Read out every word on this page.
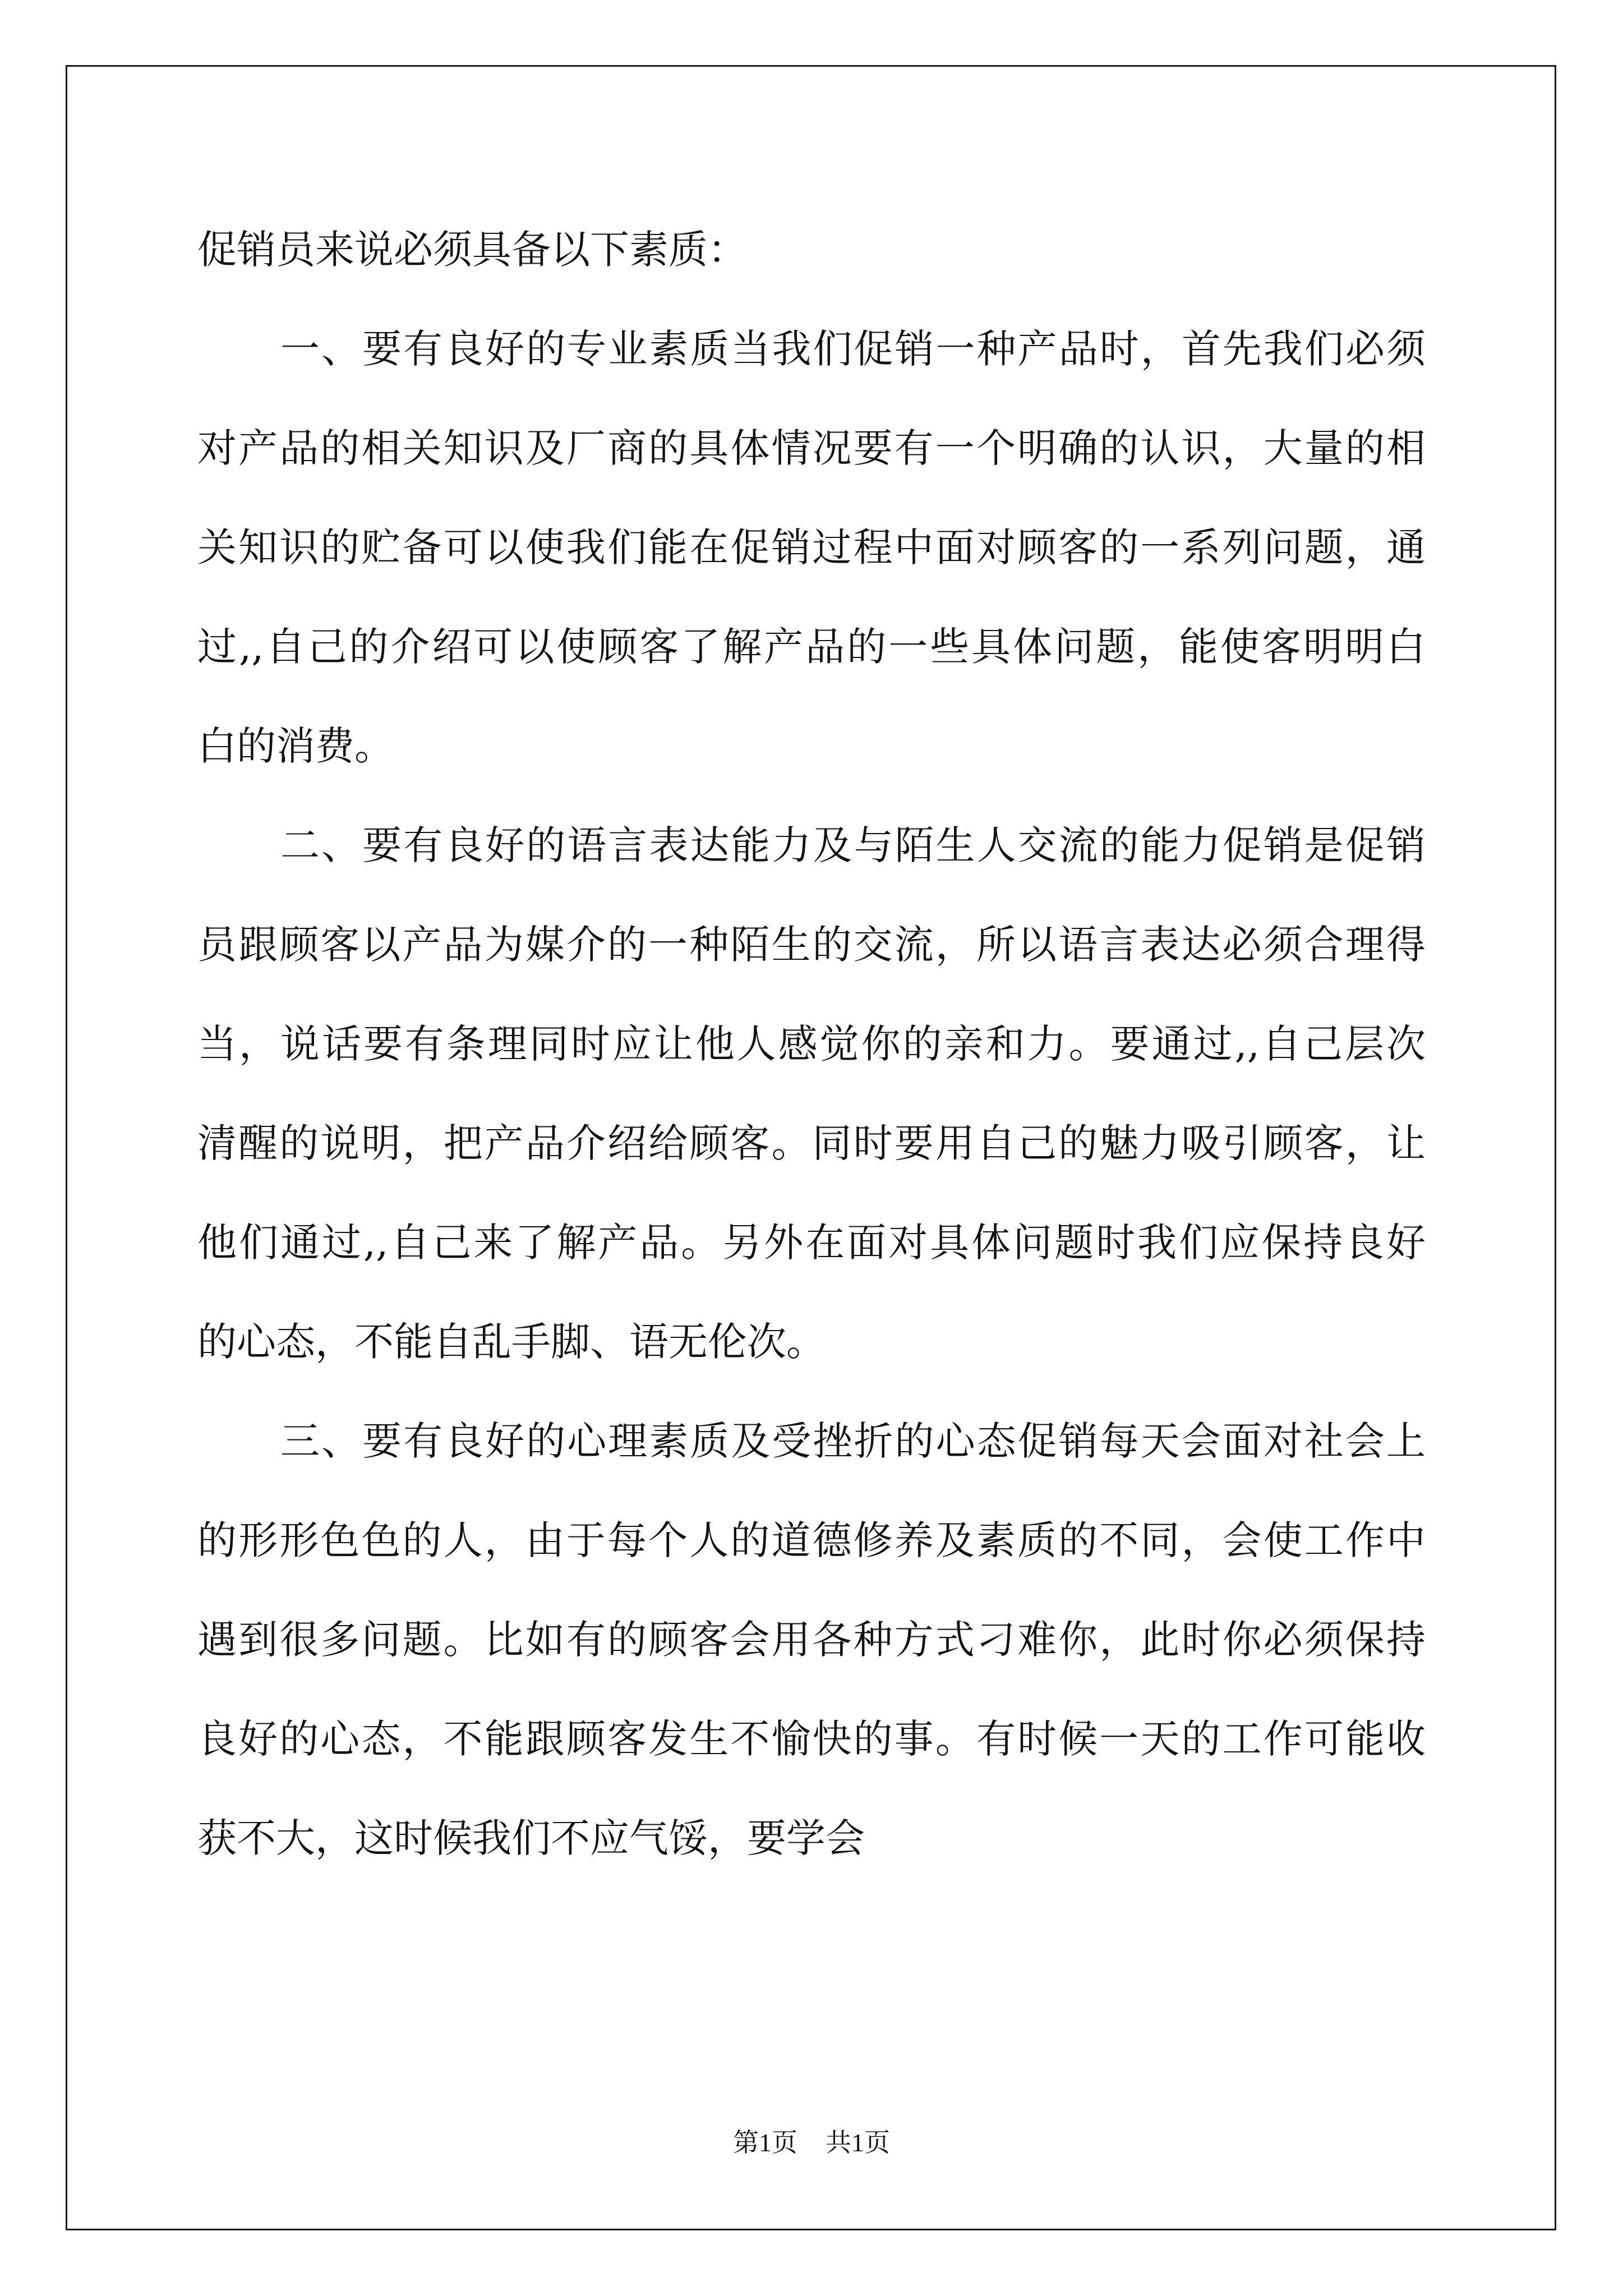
促销员来说必须具备以下素质：
一、要有良好的专业素质当我们促销一种产品时，首先我们必须
对产品的相关知识及厂商的具体情况要有一个明确的认识，大量的相
关知识的贮备可以使我们能在促销过程中面对顾客的一系列问题，通
过,,自己的介绍可以使顾客了解产品的一些具体问题，能使客明明白
白的消费。
二、要有良好的语言表达能力及与陌生人交流的能力促销是促销
员跟顾客以产品为媒介的一种陌生的交流，所以语言表达必须合理得
当，说话要有条理同时应让他人感觉你的亲和力。要通过,,自己层次
清醒的说明，把产品介绍给顾客。同时要用自己的魅力吸引顾客，让
他们通过,,自己来了解产品。另外在面对具体问题时我们应保持良好
的心态，不能自乱手脚、语无伦次。
三、要有良好的心理素质及受挫折的心态促销每天会面对社会上
的形形色色的人，由于每个人的道德修养及素质的不同，会使工作中
遇到很多问题。比如有的顾客会用各种方式刁难你，此时你必须保持
良好的心态，不能跟顾客发生不愉快的事。有时候一天的工作可能收
获不大，这时候我们不应气馁，要学会
第1页 共1页
